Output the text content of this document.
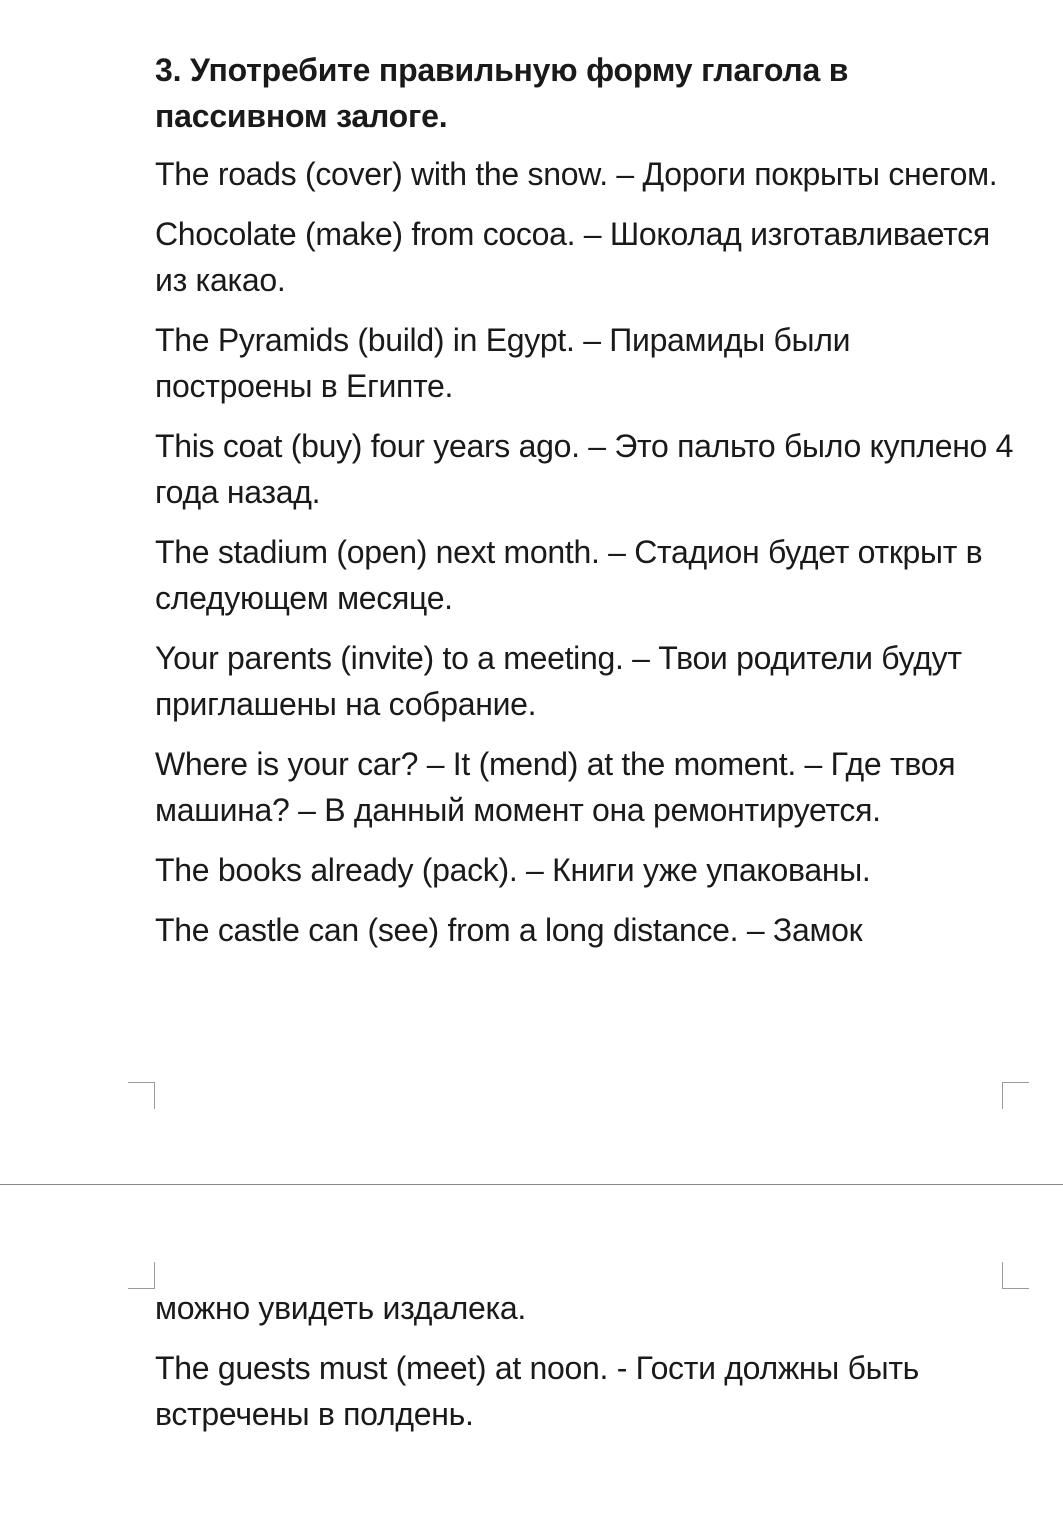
3. Употребите правильную форму глагола в пассивном залоге.
The roads (cover) with the snow. – Дороги покрыты снегом.
Chocolate (make) from cocoa. – Шоколад изготавливается из какао.
The Pyramids (build) in Egypt. – Пирамиды были построены в Египте.
This coat (buy) four years ago. – Это пальто было куплено 4 года назад.
The stadium (open) next month. – Стадион будет открыт в следующем месяце.
Your parents (invite) to a meeting. – Твои родители будут приглашены на собрание.
Where is your car? – It (mend) at the moment. – Где твоя машина? – В данный момент она ремонтируется.
The books already (pack). – Книги уже упакованы.
The castle can (see) from a long distance. – Замок
можно увидеть издалека.
The guests must (meet) at noon. - Гости должны быть встречены в полдень.
